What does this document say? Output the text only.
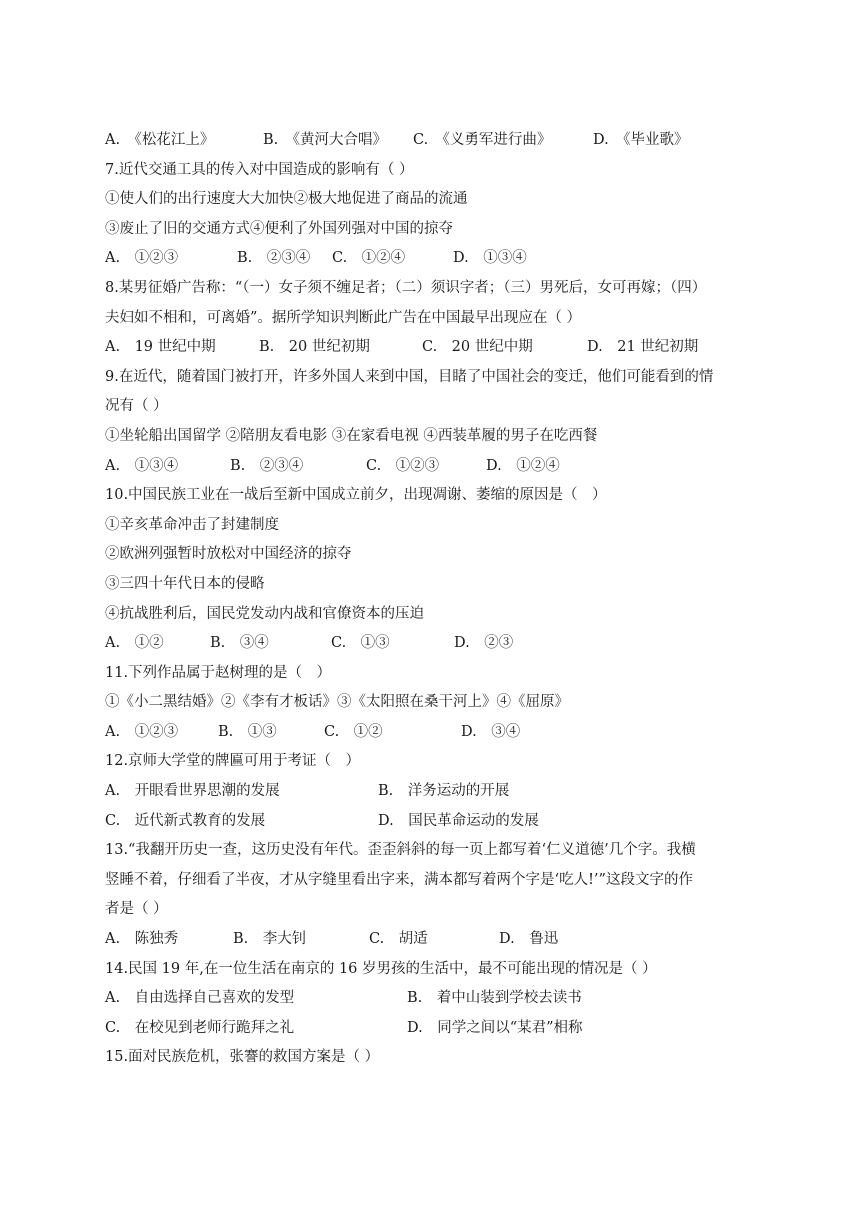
A.　《松花江上》	B.　《黄河大合唱》 C.　《义勇军进行曲》	D.　《毕业歌》
7.近代交通工具的传入对中国造成的影响有（ ）
①使人们的出行速度大大加快②极大地促进了商品的流通
③废止了旧的交通方式④便利了外国列强对中国的掠夺
A.　①②③	B.　②③④ C.　①②④	D.　①③④
8.某男征婚广告称：“（一）女子须不缠足者；（二）须识字者；（三）男死后，女可再嫁；（四）
夫妇如不相和，可离婚”。据所学知识判断此广告在中国最早出现应在（ ）
A.　19 世纪中期	B.　20 世纪初期	C.　20 世纪中期	D.　21 世纪初期
9.在近代，随着国门被打开，许多外国人来到中国，目睹了中国社会的变迁，他们可能看到的情
况有（ ）
①坐轮船出国留学 ②陪朋友看电影 ③在家看电视 ④西装革履的男子在吃西餐
A.　①③④	B.　②③④	C.　①②③	D.　①②④
10.中国民族工业在一战后至新中国成立前夕，出现凋谢、萎缩的原因是（　）
①辛亥革命冲击了封建制度
②欧洲列强暂时放松对中国经济的掠夺
③三四十年代日本的侵略
④抗战胜利后，国民党发动内战和官僚资本的压迫
A.　①②	B.　③④	C.　①③	D.　②③
11.下列作品属于赵树理的是（　）
①《小二黑结婚》②《李有才板话》③《太阳照在桑干河上》④《屈原》
A.　①②③	B.　①③	C.　①②	D.　③④
12.京师大学堂的牌匾可用于考证（　）
A.　开眼看世界思潮的发展	B.　洋务运动的开展
C.　近代新式教育的发展	D.　国民革命运动的发展
13.“我翻开历史一查，这历史没有年代。歪歪斜斜的每一页上都写着‘仁义道德’几个字。我横
竖睡不着，仔细看了半夜，才从字缝里看出字来，满本都写着两个字是‘吃人!’”这段文字的作
者是（ ）
A.　陈独秀	B.　李大钊	C.　胡适	D.　鲁迅
14.民国 19 年,在一位生活在南京的 16 岁男孩的生活中，最不可能出现的情况是（ ）
A.　自由选择自己喜欢的发型	B.　着中山装到学校去读书
C.　在校见到老师行跪拜之礼	D.　同学之间以“某君”相称
15.面对民族危机，张謇的救国方案是（ ）
